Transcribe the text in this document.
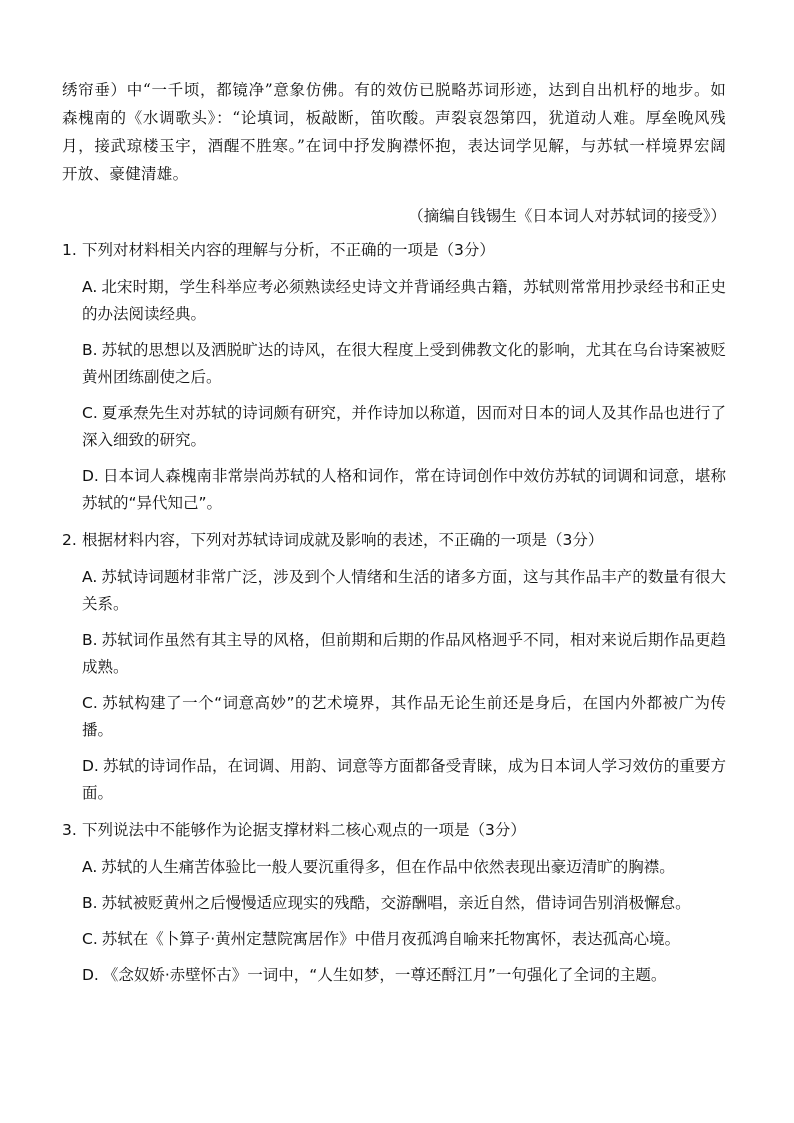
绣帘垂）中“一千顷，都镜净”意象仿佛。有的效仿已脱略苏词形迹，达到自出机杼的地步。如森槐南的《水调歌头》：“论填词，板敲断，笛吹酸。声裂哀怨第四，犹道动人难。厚垒晚风残月，接武琼楼玉宇，酒醒不胜寒。”在词中抒发胸襟怀抱，表达词学见解，与苏轼一样境界宏阔开放、豪健清雄。

（摘编自钱锡生《日本词人对苏轼词的接受》）

1. 下列对材料相关内容的理解与分析，不正确的一项是（3分）

A. 北宋时期，学生科举应考必须熟读经史诗文并背诵经典古籍，苏轼则常常用抄录经书和正史的办法阅读经典。

B. 苏轼的思想以及洒脱旷达的诗风，在很大程度上受到佛教文化的影响，尤其在乌台诗案被贬黄州团练副使之后。

C. 夏承焘先生对苏轼的诗词颇有研究，并作诗加以称道，因而对日本的词人及其作品也进行了深入细致的研究。

D. 日本词人森槐南非常崇尚苏轼的人格和词作，常在诗词创作中效仿苏轼的词调和词意，堪称苏轼的“异代知己”。

2. 根据材料内容，下列对苏轼诗词成就及影响的表述，不正确的一项是（3分）

A. 苏轼诗词题材非常广泛，涉及到个人情绪和生活的诸多方面，这与其作品丰产的数量有很大关系。

B. 苏轼词作虽然有其主导的风格，但前期和后期的作品风格迥乎不同，相对来说后期作品更趋成熟。

C. 苏轼构建了一个“词意高妙”的艺术境界，其作品无论生前还是身后，在国内外都被广为传播。

D. 苏轼的诗词作品，在词调、用韵、词意等方面都备受青睐，成为日本词人学习效仿的重要方面。

3. 下列说法中不能够作为论据支撑材料二核心观点的一项是（3分）

A. 苏轼的人生痛苦体验比一般人要沉重得多，但在作品中依然表现出豪迈清旷的胸襟。

B. 苏轼被贬黄州之后慢慢适应现实的残酷，交游酬唱，亲近自然，借诗词告别消极懈怠。

C. 苏轼在《卜算子·黄州定慧院寓居作》中借月夜孤鸿自喻来托物寓怀，表达孤高心境。

D. 《念奴娇·赤壁怀古》一词中，“人生如梦，一尊还酹江月”一句强化了全词的主题。
